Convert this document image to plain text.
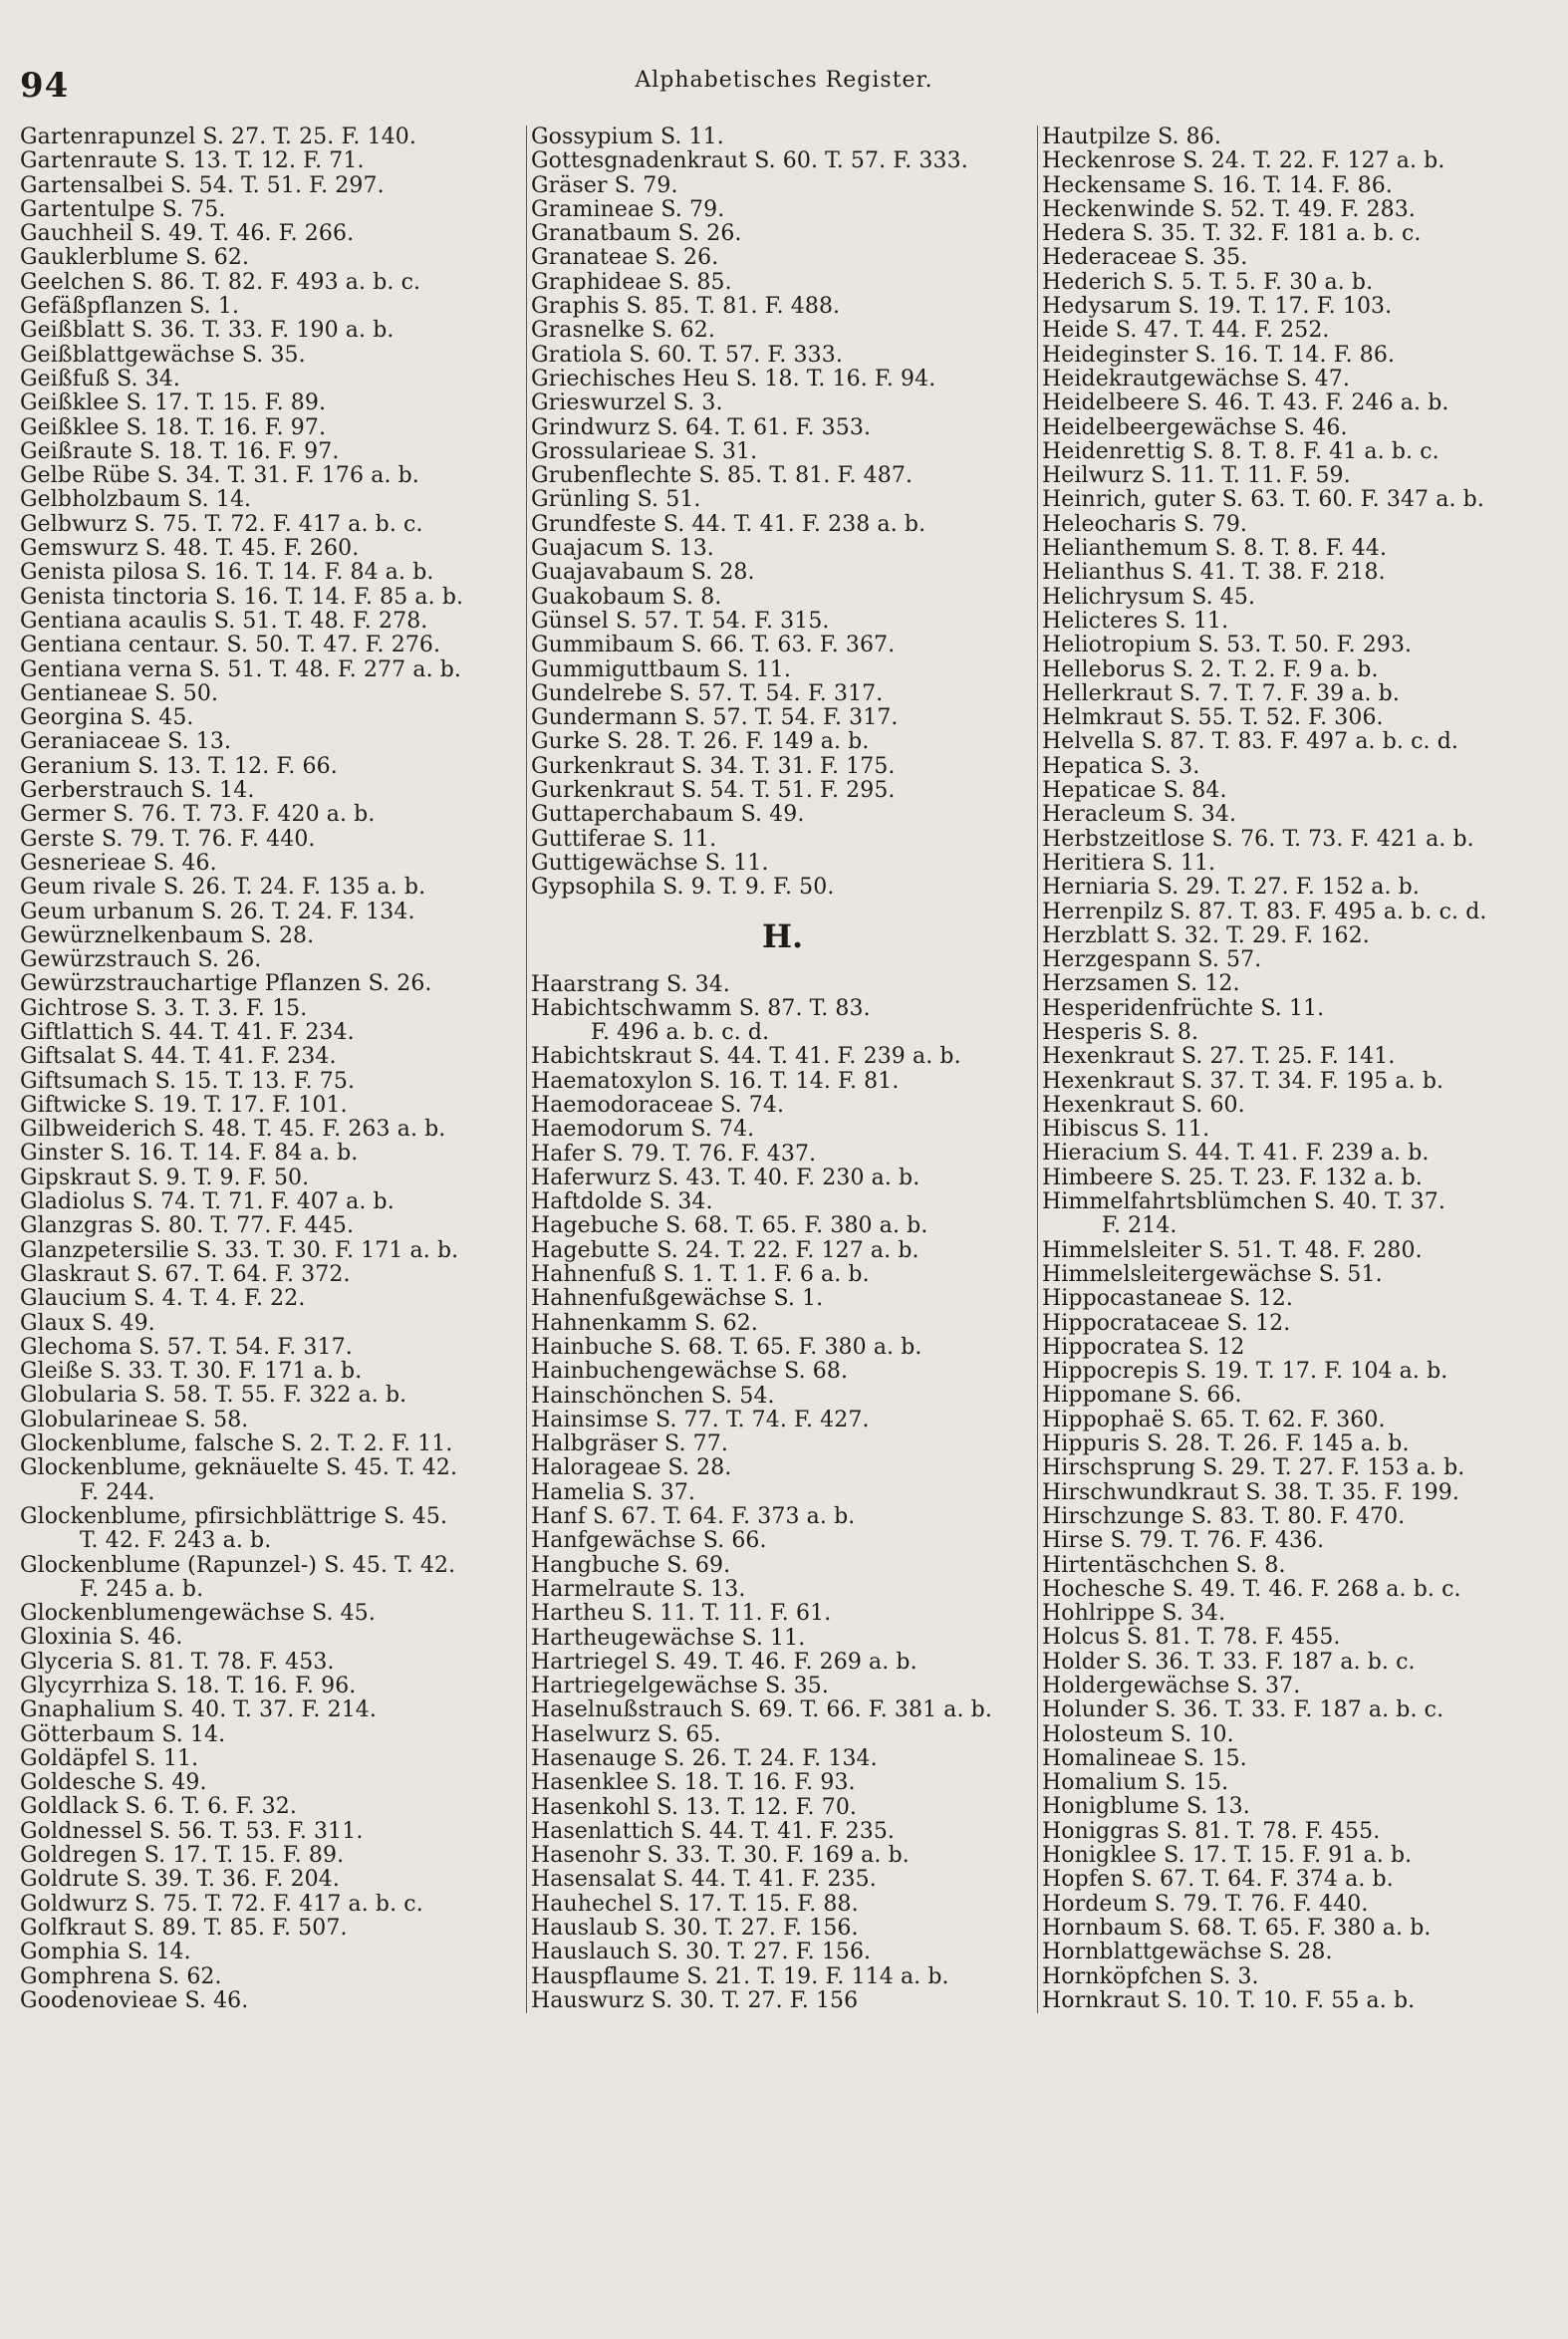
94	Alphabetisches Register.
Gartenrapunzel S. 27. T. 25. F. 140.
Gartenraute S. 13. T. 12. F. 71.
Gartensalbei S. 54. T. 51. F. 297.
Gartentulpe S. 75.
Gauchheil S. 49. T. 46. F. 266.
Gauklerblume S. 62.
Geelchen S. 86. T. 82. F. 493 a. b. c.
Gefäßpflanzen S. 1.
Geißblatt S. 36. T. 33. F. 190 a. b.
Geißblattgewächse S. 35.
Geißfuß S. 34.
Geißklee S. 17. T. 15. F. 89.
Geißklee S. 18. T. 16. F. 97.
Geißraute S. 18. T. 16. F. 97.
Gelbe Rübe S. 34. T. 31. F. 176 a. b.
Gelbholzbaum S. 14.
Gelbwurz S. 75. T. 72. F. 417 a. b. c.
Gemswurz S. 48. T. 45. F. 260.
Genista pilosa S. 16. T. 14. F. 84 a. b.
Genista tinctoria S. 16. T. 14. F. 85 a. b.
Gentiana acaulis S. 51. T. 48. F. 278.
Gentiana centaur. S. 50. T. 47. F. 276.
Gentiana verna S. 51. T. 48. F. 277 a. b.
Gentianeae S. 50.
Georgina S. 45.
Geraniaceae S. 13.
Geranium S. 13. T. 12. F. 66.
Gerberstrauch S. 14.
Germer S. 76. T. 73. F. 420 a. b.
Gerste S. 79. T. 76. F. 440.
Gesnerieae S. 46.
Geum rivale S. 26. T. 24. F. 135 a. b.
Geum urbanum S. 26. T. 24. F. 134.
Gewürznelkenbaum S. 28.
Gewürzstrauch S. 26.
Gewürzstrauchartige Pflanzen S. 26.
Gichtrose S. 3. T. 3. F. 15.
Giftlattich S. 44. T. 41. F. 234.
Giftsalat S. 44. T. 41. F. 234.
Giftsumach S. 15. T. 13. F. 75.
Giftwicke S. 19. T. 17. F. 101.
Gilbweiderich S. 48. T. 45. F. 263 a. b.
Ginster S. 16. T. 14. F. 84 a. b.
Gipskraut S. 9. T. 9. F. 50.
Gladiolus S. 74. T. 71. F. 407 a. b.
Glanzgras S. 80. T. 77. F. 445.
Glanzpetersilie S. 33. T. 30. F. 171 a. b.
Glaskraut S. 67. T. 64. F. 372.
Glaucium S. 4. T. 4. F. 22.
Glaux S. 49.
Glechoma S. 57. T. 54. F. 317.
Gleiße S. 33. T. 30. F. 171 a. b.
Globularia S. 58. T. 55. F. 322 a. b.
Globularineae S. 58.
Glockenblume, falsche S. 2. T. 2. F. 11.
Glockenblume, geknäuelte S. 45. T. 42.
F. 244.
Glockenblume, pfirsichblättrige S. 45.
T. 42. F. 243 a. b.
Glockenblume (Rapunzel-) S. 45. T. 42.
F. 245 a. b.
Glockenblumengewächse S. 45.
Gloxinia S. 46.
Glyceria S. 81. T. 78. F. 453.
Glycyrrhiza S. 18. T. 16. F. 96.
Gnaphalium S. 40. T. 37. F. 214.
Götterbaum S. 14.
Goldäpfel S. 11.
Goldesche S. 49.
Goldlack S. 6. T. 6. F. 32.
Goldnessel S. 56. T. 53. F. 311.
Goldregen S. 17. T. 15. F. 89.
Goldrute S. 39. T. 36. F. 204.
Goldwurz S. 75. T. 72. F. 417 a. b. c.
Golfkraut S. 89. T. 85. F. 507.
Gomphia S. 14.
Gomphrena S. 62.
Goodenovieae S. 46.
Gossypium S. 11.
Gottesgnadenkraut S. 60. T. 57. F. 333.
Gräser S. 79.
Gramineae S. 79.
Granatbaum S. 26.
Granateae S. 26.
Graphideae S. 85.
Graphis S. 85. T. 81. F. 488.
Grasnelke S. 62.
Gratiola S. 60. T. 57. F. 333.
Griechisches Heu S. 18. T. 16. F. 94.
Grieswurzel S. 3.
Grindwurz S. 64. T. 61. F. 353.
Grossularieae S. 31.
Grubenflechte S. 85. T. 81. F. 487.
Grünling S. 51.
Grundfeste S. 44. T. 41. F. 238 a. b.
Guajacum S. 13.
Guajavabaum S. 28.
Guakobaum S. 8.
Günsel S. 57. T. 54. F. 315.
Gummibaum S. 66. T. 63. F. 367.
Gummiguttbaum S. 11.
Gundelrebe S. 57. T. 54. F. 317.
Gundermann S. 57. T. 54. F. 317.
Gurke S. 28. T. 26. F. 149 a. b.
Gurkenkraut S. 34. T. 31. F. 175.
Gurkenkraut S. 54. T. 51. F. 295.
Guttaperchabaum S. 49.
Guttiferae S. 11.
Guttigewächse S. 11.
Gypsophila S. 9. T. 9. F. 50.
H.
Haarstrang S. 34.
Habichtschwamm S. 87. T. 83.
F. 496 a. b. c. d.
Habichtskraut S. 44. T. 41. F. 239 a. b.
Haematoxylon S. 16. T. 14. F. 81.
Haemodoraceae S. 74.
Haemodorum S. 74.
Hafer S. 79. T. 76. F. 437.
Haferwurz S. 43. T. 40. F. 230 a. b.
Haftdolde S. 34.
Hagebuche S. 68. T. 65. F. 380 a. b.
Hagebutte S. 24. T. 22. F. 127 a. b.
Hahnenfuß S. 1. T. 1. F. 6 a. b.
Hahnenfußgewächse S. 1.
Hahnenkamm S. 62.
Hainbuche S. 68. T. 65. F. 380 a. b.
Hainbuchengewächse S. 68.
Hainschönchen S. 54.
Hainsimse S. 77. T. 74. F. 427.
Halbgräser S. 77.
Halorageae S. 28.
Hamelia S. 37.
Hanf S. 67. T. 64. F. 373 a. b.
Hanfgewächse S. 66.
Hangbuche S. 69.
Harmelraute S. 13.
Hartheu S. 11. T. 11. F. 61.
Hartheugewächse S. 11.
Hartriegel S. 49. T. 46. F. 269 a. b.
Hartriegelgewächse S. 35.
Haselnußstrauch S. 69. T. 66. F. 381 a. b.
Haselwurz S. 65.
Hasenauge S. 26. T. 24. F. 134.
Hasenklee S. 18. T. 16. F. 93.
Hasenkohl S. 13. T. 12. F. 70.
Hasenlattich S. 44. T. 41. F. 235.
Hasenohr S. 33. T. 30. F. 169 a. b.
Hasensalat S. 44. T. 41. F. 235.
Hauhechel S. 17. T. 15. F. 88.
Hauslaub S. 30. T. 27. F. 156.
Hauslauch S. 30. T. 27. F. 156.
Hauspflaume S. 21. T. 19. F. 114 a. b.
Hauswurz S. 30. T. 27. F. 156
Hautpilze S. 86.
Heckenrose S. 24. T. 22. F. 127 a. b.
Heckensame S. 16. T. 14. F. 86.
Heckenwinde S. 52. T. 49. F. 283.
Hedera S. 35. T. 32. F. 181 a. b. c.
Hederaceae S. 35.
Hederich S. 5. T. 5. F. 30 a. b.
Hedysarum S. 19. T. 17. F. 103.
Heide S. 47. T. 44. F. 252.
Heideginster S. 16. T. 14. F. 86.
Heidekrautgewächse S. 47.
Heidelbeere S. 46. T. 43. F. 246 a. b.
Heidelbeergewächse S. 46.
Heidenrettig S. 8. T. 8. F. 41 a. b. c.
Heilwurz S. 11. T. 11. F. 59.
Heinrich, guter S. 63. T. 60. F. 347 a. b.
Heleocharis S. 79.
Helianthemum S. 8. T. 8. F. 44.
Helianthus S. 41. T. 38. F. 218.
Helichrysum S. 45.
Helicteres S. 11.
Heliotropium S. 53. T. 50. F. 293.
Helleborus S. 2. T. 2. F. 9 a. b.
Hellerkraut S. 7. T. 7. F. 39 a. b.
Helmkraut S. 55. T. 52. F. 306.
Helvella S. 87. T. 83. F. 497 a. b. c. d.
Hepatica S. 3.
Hepaticae S. 84.
Heracleum S. 34.
Herbstzeitlose S. 76. T. 73. F. 421 a. b.
Heritiera S. 11.
Herniaria S. 29. T. 27. F. 152 a. b.
Herrenpilz S. 87. T. 83. F. 495 a. b. c. d.
Herzblatt S. 32. T. 29. F. 162.
Herzgespann S. 57.
Herzsamen S. 12.
Hesperidenfrüchte S. 11.
Hesperis S. 8.
Hexenkraut S. 27. T. 25. F. 141.
Hexenkraut S. 37. T. 34. F. 195 a. b.
Hexenkraut S. 60.
Hibiscus S. 11.
Hieracium S. 44. T. 41. F. 239 a. b.
Himbeere S. 25. T. 23. F. 132 a. b.
Himmelfahrtsblümchen S. 40. T. 37.
F. 214.
Himmelsleiter S. 51. T. 48. F. 280.
Himmelsleitergewächse S. 51.
Hippocastaneae S. 12.
Hippocrataceae S. 12.
Hippocratea S. 12
Hippocrepis S. 19. T. 17. F. 104 a. b.
Hippomane S. 66.
Hippophaë S. 65. T. 62. F. 360.
Hippuris S. 28. T. 26. F. 145 a. b.
Hirschsprung S. 29. T. 27. F. 153 a. b.
Hirschwundkraut S. 38. T. 35. F. 199.
Hirschzunge S. 83. T. 80. F. 470.
Hirse S. 79. T. 76. F. 436.
Hirtentäschchen S. 8.
Hochesche S. 49. T. 46. F. 268 a. b. c.
Hohlrippe S. 34.
Holcus S. 81. T. 78. F. 455.
Holder S. 36. T. 33. F. 187 a. b. c.
Holdergewächse S. 37.
Holunder S. 36. T. 33. F. 187 a. b. c.
Holosteum S. 10.
Homalineae S. 15.
Homalium S. 15.
Honigblume S. 13.
Honiggras S. 81. T. 78. F. 455.
Honigklee S. 17. T. 15. F. 91 a. b.
Hopfen S. 67. T. 64. F. 374 a. b.
Hordeum S. 79. T. 76. F. 440.
Hornbaum S. 68. T. 65. F. 380 a. b.
Hornblattgewächse S. 28.
Hornköpfchen S. 3.
Hornkraut S. 10. T. 10. F. 55 a. b.
